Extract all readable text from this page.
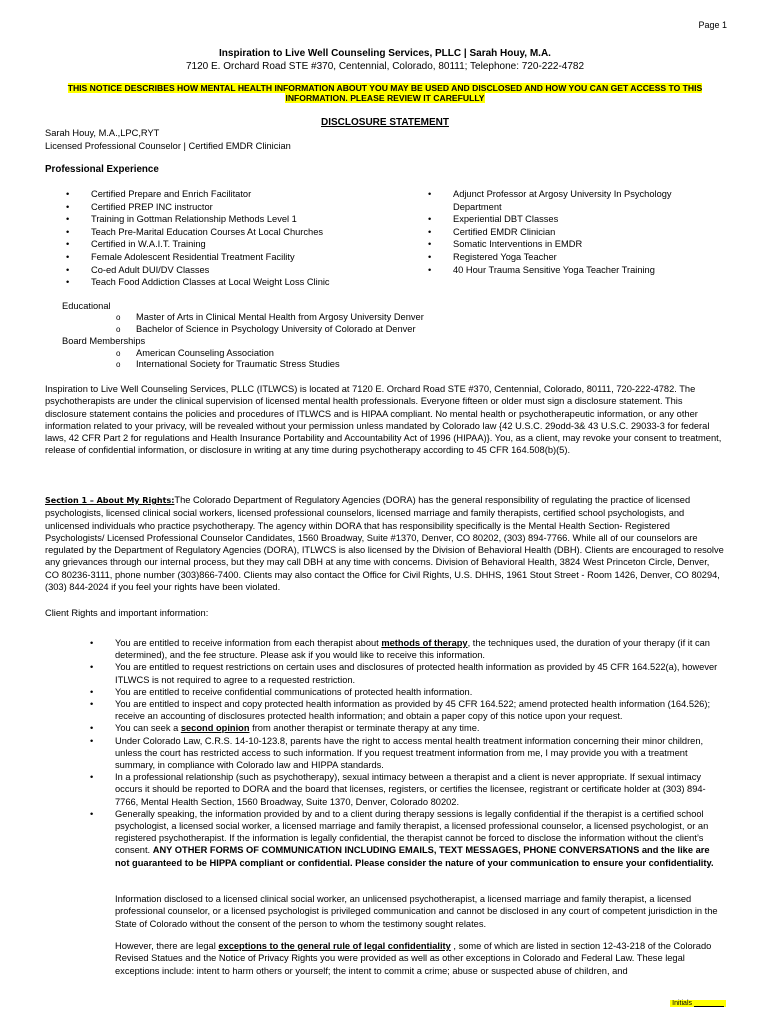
Page 1
Inspiration to Live Well Counseling Services, PLLC | Sarah Houy, M.A.
7120 E. Orchard Road STE #370, Centennial, Colorado, 80111; Telephone: 720-222-4782
THIS NOTICE DESCRIBES HOW MENTAL HEALTH INFORMATION ABOUT YOU MAY BE USED AND DISCLOSED AND HOW YOU CAN GET ACCESS TO THIS INFORMATION. PLEASE REVIEW IT CAREFULLY
DISCLOSURE STATEMENT
Sarah Houy, M.A.,LPC,RYT
Licensed Professional Counselor | Certified EMDR Clinician
Professional Experience
• Certified Prepare and Enrich Facilitator
• Certified PREP INC instructor
• Training in Gottman Relationship Methods Level 1
• Teach Pre-Marital Education Courses At Local Churches
• Certified in W.A.I.T. Training
• Female Adolescent Residential Treatment Facility
• Co-ed Adult DUI/DV Classes
• Teach Food Addiction Classes at Local Weight Loss Clinic
• Adjunct Professor at Argosy University In Psychology Department
• Experiential DBT Classes
• Certified EMDR Clinician
• Somatic Interventions in EMDR
• Registered Yoga Teacher
• 40 Hour Trauma Sensitive Yoga Teacher Training
Educational
o Master of Arts in Clinical Mental Health from Argosy University Denver
o Bachelor of Science in Psychology University of Colorado at Denver
Board Memberships
o American Counseling Association
o International Society for Traumatic Stress Studies
Inspiration to Live Well Counseling Services, PLLC (ITLWCS) is located at 7120 E. Orchard Road STE #370, Centennial, Colorado, 80111, 720-222-4782. The psychotherapists are under the clinical supervision of licensed mental health professionals. Everyone fifteen or older must sign a disclosure statement. This disclosure statement contains the policies and procedures of ITLWCS and is HIPAA compliant. No mental health or psychotherapeutic information, or any other information related to your privacy, will be revealed without your permission unless mandated by Colorado law {42 U.S.C. 29odd-3& 43 U.S.C. 29033-3 for federal laws, 42 CFR Part 2 for regulations and Health Insurance Portability and Accountability Act of 1996 (HIPAA)}. You, as a client, may revoke your consent to treatment, release of confidential information, or disclosure in writing at any time during psychotherapy according to 45 CFR 164.508(b)(5).
Section 1 – About My Rights:The Colorado Department of Regulatory Agencies (DORA) has the general responsibility of regulating the practice of licensed psychologists, licensed clinical social workers, licensed professional counselors, licensed marriage and family therapists, certified school psychologists, and unlicensed individuals who practice psychotherapy. The agency within DORA that has responsibility specifically is the Mental Health Section- Registered Psychologists/ Licensed Professional Counselor Candidates, 1560 Broadway, Suite #1370, Denver, CO 80202, (303) 894-7766. While all of our counselors are regulated by the Department of Regulatory Agencies (DORA), ITLWCS is also licensed by the Division of Behavioral Health (DBH). Clients are encouraged to resolve any grievances through our internal process, but they may call DBH at any time with concerns. Division of Behavioral Health, 3824 West Princeton Circle, Denver, CO 80236-3111, phone number (303)866-7400. Clients may also contact the Office for Civil Rights, U.S. DHHS, 1961 Stout Street - Room 1426, Denver, CO 80294, (303) 844-2024 if you feel your rights have been violated.
Client Rights and important information:
• You are entitled to receive information from each therapist about methods of therapy, the techniques used, the duration of your therapy (if it can determined), and the fee structure. Please ask if you would like to receive this information.
• You are entitled to request restrictions on certain uses and disclosures of protected health information as provided by 45 CFR 164.522(a), however ITLWCS is not required to agree to a requested restriction.
• You are entitled to receive confidential communications of protected health information.
• You are entitled to inspect and copy protected health information as provided by 45 CFR 164.522; amend protected health information (164.526); receive an accounting of disclosures protected health information; and obtain a paper copy of this notice upon your request.
• You can seek a second opinion from another therapist or terminate therapy at any time.
• Under Colorado Law, C.R.S. 14-10-123.8, parents have the right to access mental health treatment information concerning their minor children, unless the court has restricted access to such information. If you request treatment information from me, I may provide you with a treatment summary, in compliance with Colorado law and HIPPA standards.
• In a professional relationship (such as psychotherapy), sexual intimacy between a therapist and a client is never appropriate. If sexual intimacy occurs it should be reported to DORA and the board that licenses, registers, or certifies the licensee, registrant or certificate holder at (303) 894-7766, Mental Health Section, 1560 Broadway, Suite 1370, Denver, Colorado 80202.
• Generally speaking, the information provided by and to a client during therapy sessions is legally confidential if the therapist is a certified school psychologist, a licensed social worker, a licensed marriage and family therapist, a licensed professional counselor, a licensed psychologist, or an registered psychotherapist. If the information is legally confidential, the therapist cannot be forced to disclose the information without the client’s consent. ANY OTHER FORMS OF COMMUNICATION INCLUDING EMAILS, TEXT MESSAGES, PHONE CONVERSATIONS and the like are not guaranteed to be HIPPA compliant or confidential. Please consider the nature of your communication to ensure your confidentiality.
Information disclosed to a licensed clinical social worker, an unlicensed psychotherapist, a licensed marriage and family therapist, a licensed professional counselor, or a licensed psychologist is privileged communication and cannot be disclosed in any court of competent jurisdiction in the State of Colorado without the consent of the person to whom the testimony sought relates.
However, there are legal exceptions to the general rule of legal confidentiality , some of which are listed in section 12-43-218 of the Colorado Revised Statues and the Notice of Privacy Rights you were provided as well as other exceptions in Colorado and Federal Law. These legal exceptions include: intent to harm others or yourself; the intent to commit a crime; abuse or suspected abuse of children, and
Initials
